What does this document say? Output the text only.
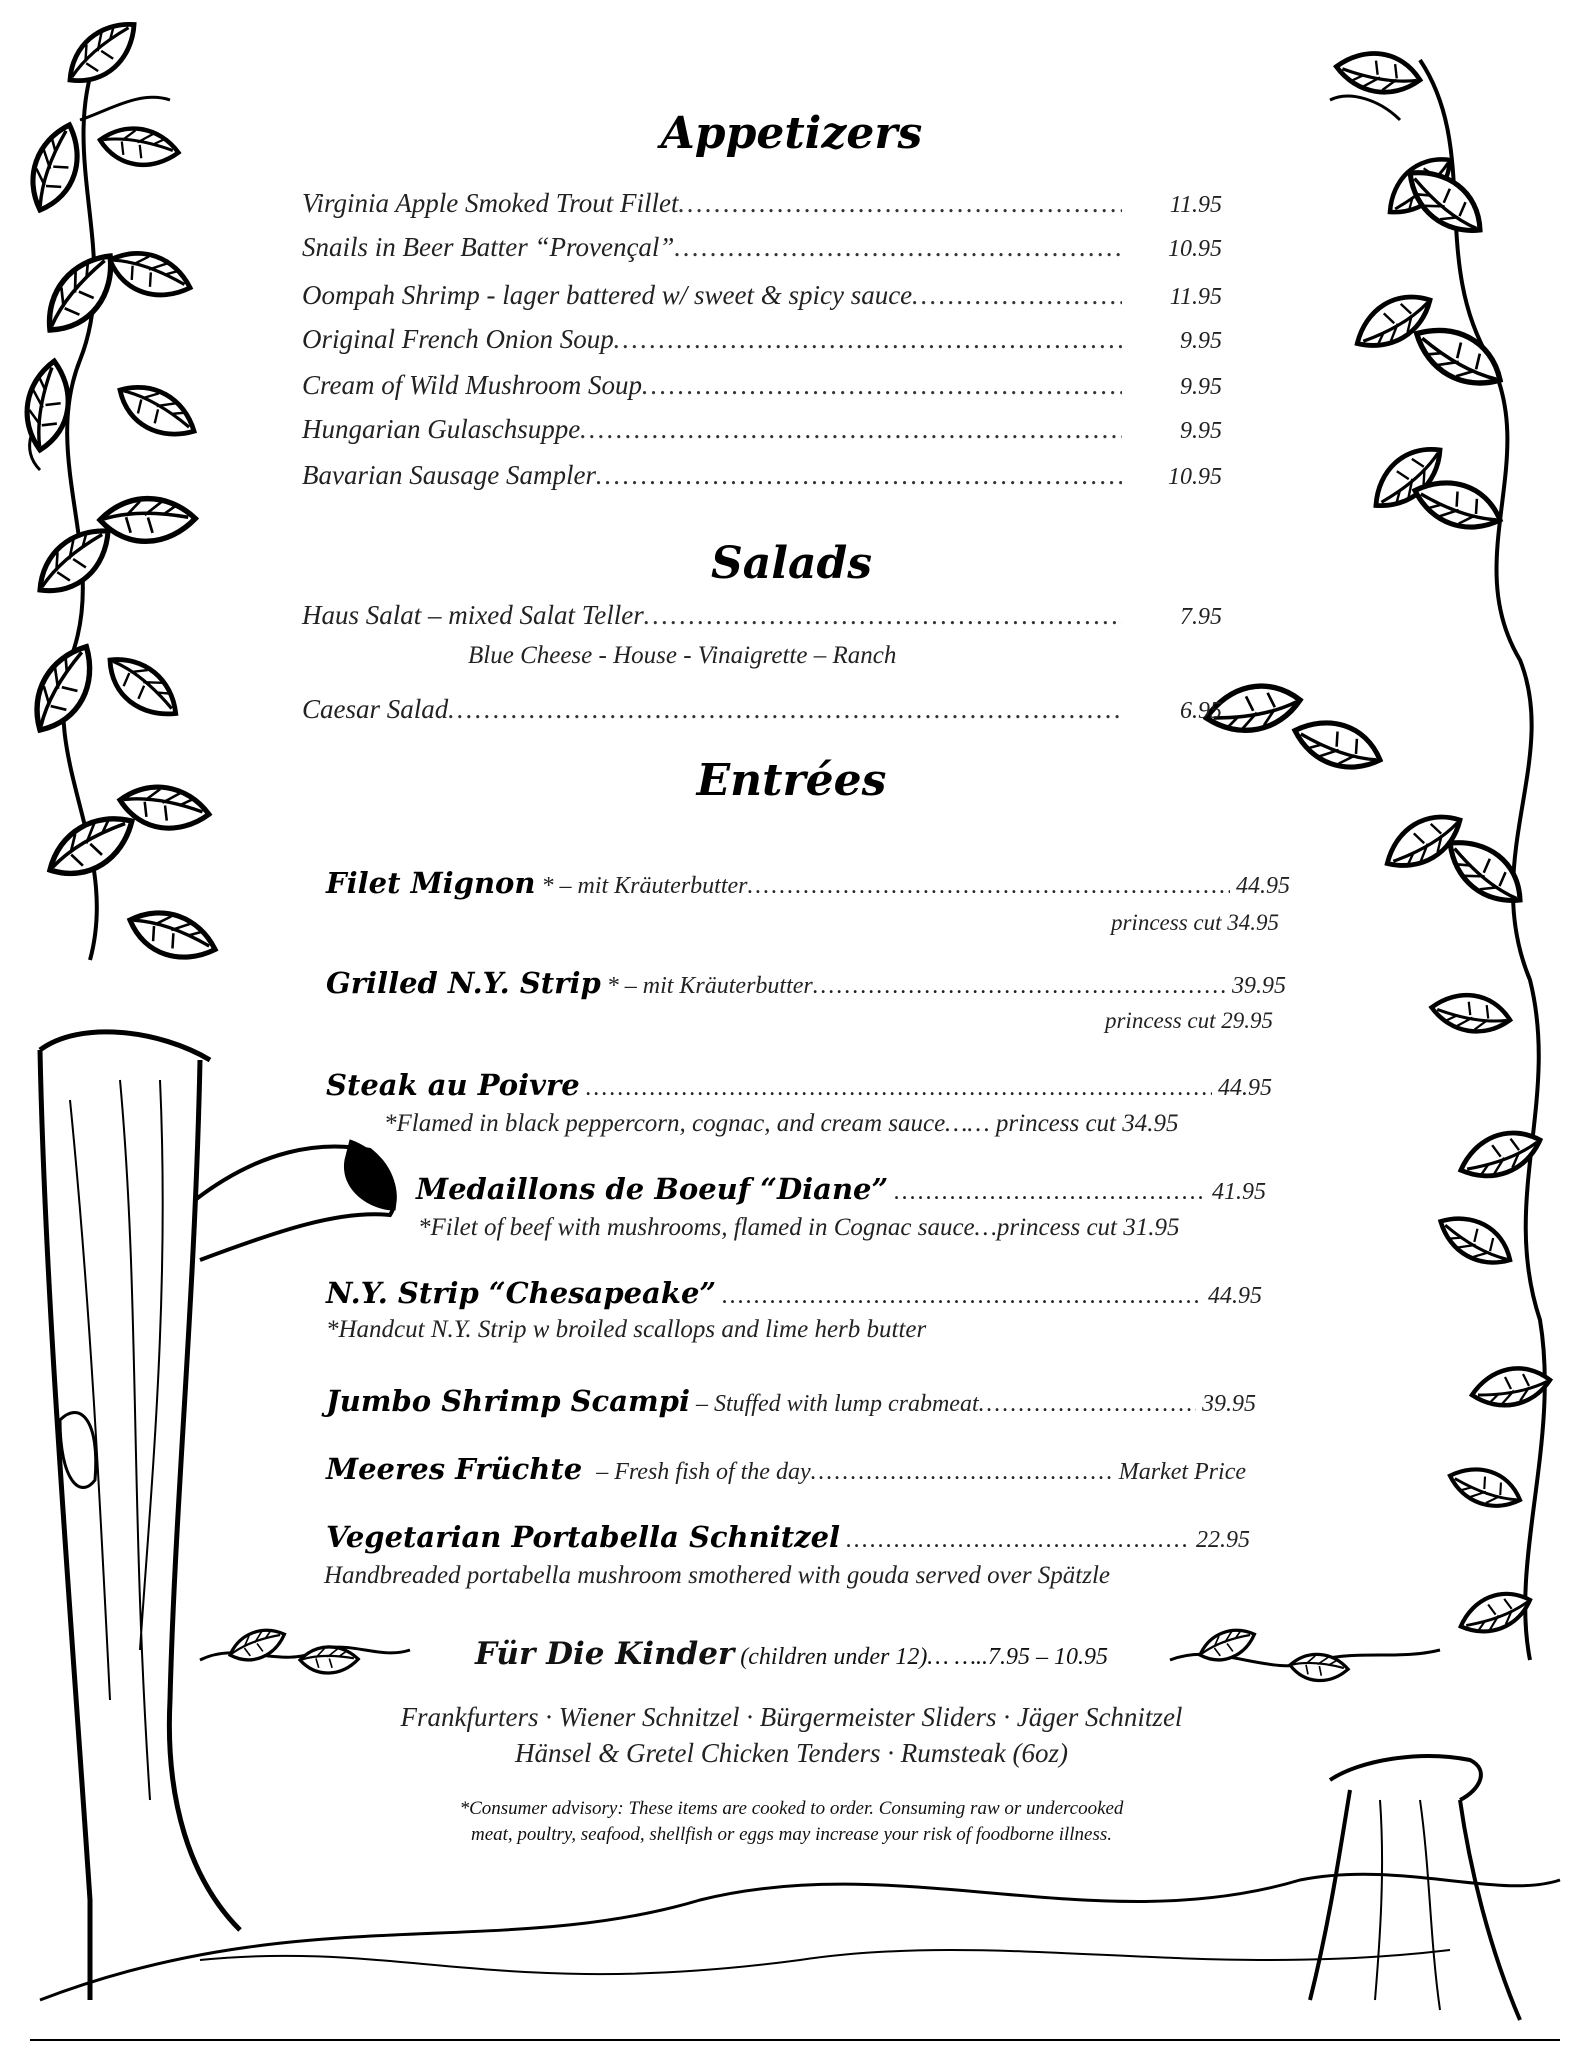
Appetizers
Virginia Apple Smoked Trout Fillet ……………………………………………………………………………………………………………………………………	11.95
Snails in Beer Batter “Provençal” ……………………………………………………………………………………………………………………………………	10.95
Oompah Shrimp - lager battered w/ sweet & spicy sauce ……………………………………………………………………………………………………………………………………	11.95
Original French Onion Soup ……………………………………………………………………………………………………………………………………	9.95
Cream of Wild Mushroom Soup ……………………………………………………………………………………………………………………………………	9.95
Hungarian Gulaschsuppe ……………………………………………………………………………………………………………………………………	9.95
Bavarian Sausage Sampler ……………………………………………………………………………………………………………………………………	10.95
Salads
Haus Salat – mixed Salat Teller ……………………………………………………………………………………………………………………………………	7.95
Blue Cheese - House - Vinaigrette – Ranch
Caesar Salad ……………………………………………………………………………………………………………………………………	6.95
Entrées
Filet Mignon * – mit Kräuterbutter .....	44.95
princess cut 34.95
Grilled N.Y. Strip * – mit Kräuterbutter .....	39.95
princess cut 29.95
Steak au Poivre .....	44.95
*Flamed in black peppercorn, cognac, and cream sauce…… princess cut 34.95
Medaillons de Boeuf “Diane” .....	41.95
*Filet of beef with mushrooms, flamed in Cognac sauce…princess cut 31.95
N.Y. Strip “Chesapeake” .....	44.95
*Handcut N.Y. Strip w broiled scallops and lime herb butter
Jumbo Shrimp Scampi – Stuffed with lump crabmeat .....	39.95
Meeres Früchte – Fresh fish of the day .....	Market Price
Vegetarian Portabella Schnitzel .....	22.95
Handbreaded portabella mushroom smothered with gouda served over Spätzle
Für Die Kinder (children under 12)… …..7.95 – 10.95
Frankfurters · Wiener Schnitzel · Bürgermeister Sliders · Jäger Schnitzel
Hänsel & Gretel Chicken Tenders · Rumsteak (6oz)
*Consumer advisory: These items are cooked to order. Consuming raw or undercooked
meat, poultry, seafood, shellfish or eggs may increase your risk of foodborne illness.
